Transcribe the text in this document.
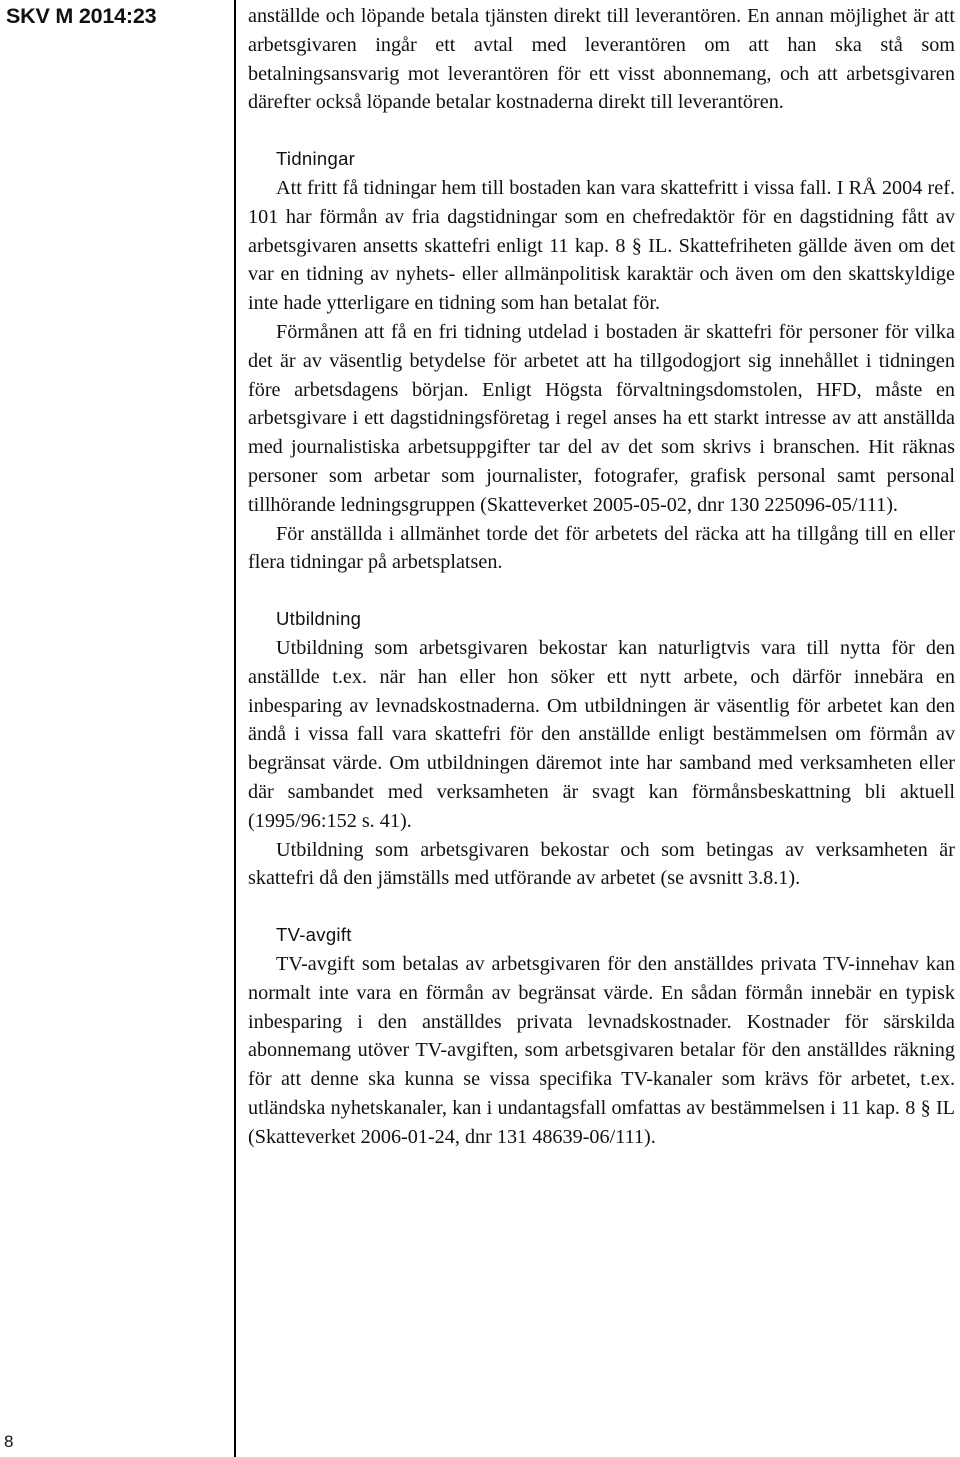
SKV M 2014:23
8

anställde och löpande betala tjänsten direkt till leverantören. En annan möjlighet är att arbetsgivaren ingår ett avtal med leverantören om att han ska stå som betalningsansvarig mot leverantören för ett visst abonnemang, och att arbetsgivaren därefter också löpande betalar kostnaderna direkt till leverantören.

Tidningar

Att fritt få tidningar hem till bostaden kan vara skattefritt i vissa fall. I RÅ 2004 ref. 101 har förmån av fria dagstidningar som en chefredaktör för en dagstidning fått av arbetsgivaren ansetts skattefri enligt 11 kap. 8 § IL. Skattefriheten gällde även om det var en tidning av nyhets- eller allmänpolitisk karaktär och även om den skattskyldige inte hade ytterligare en tidning som han betalat för.

Förmånen att få en fri tidning utdelad i bostaden är skattefri för personer för vilka det är av väsentlig betydelse för arbetet att ha tillgodogjort sig innehållet i tidningen före arbetsdagens början. Enligt Högsta förvaltningsdomstolen, HFD, måste en arbetsgivare i ett dagstidningsföretag i regel anses ha ett starkt intresse av att anställda med journalistiska arbetsuppgifter tar del av det som skrivs i branschen. Hit räknas personer som arbetar som journalister, fotografer, grafisk personal samt personal tillhörande ledningsgruppen (Skatteverket 2005-05-02, dnr 130 225096-05/111).

För anställda i allmänhet torde det för arbetets del räcka att ha tillgång till en eller flera tidningar på arbetsplatsen.

Utbildning

Utbildning som arbetsgivaren bekostar kan naturligtvis vara till nytta för den anställde t.ex. när han eller hon söker ett nytt arbete, och därför innebära en inbesparing av levnadskostnaderna. Om utbildningen är väsentlig för arbetet kan den ändå i vissa fall vara skattefri för den anställde enligt bestämmelsen om förmån av begränsat värde. Om utbildningen däremot inte har samband med verksamheten eller där sambandet med verksamheten är svagt kan förmånsbeskattning bli aktuell (1995/96:152 s. 41).

Utbildning som arbetsgivaren bekostar och som betingas av verksamheten är skattefri då den jämställs med utförande av arbetet (se avsnitt 3.8.1).

TV-avgift

TV-avgift som betalas av arbetsgivaren för den anställdes privata TV-innehav kan normalt inte vara en förmån av begränsat värde. En sådan förmån innebär en typisk inbesparing i den anställdes privata levnadskostnader. Kostnader för särskilda abonnemang utöver TV-avgiften, som arbetsgivaren betalar för den anställdes räkning för att denne ska kunna se vissa specifika TV-kanaler som krävs för arbetet, t.ex. utländska nyhetskanaler, kan i undantagsfall omfattas av bestämmelsen i 11 kap. 8 § IL (Skatteverket 2006-01-24, dnr 131 48639-06/111).
